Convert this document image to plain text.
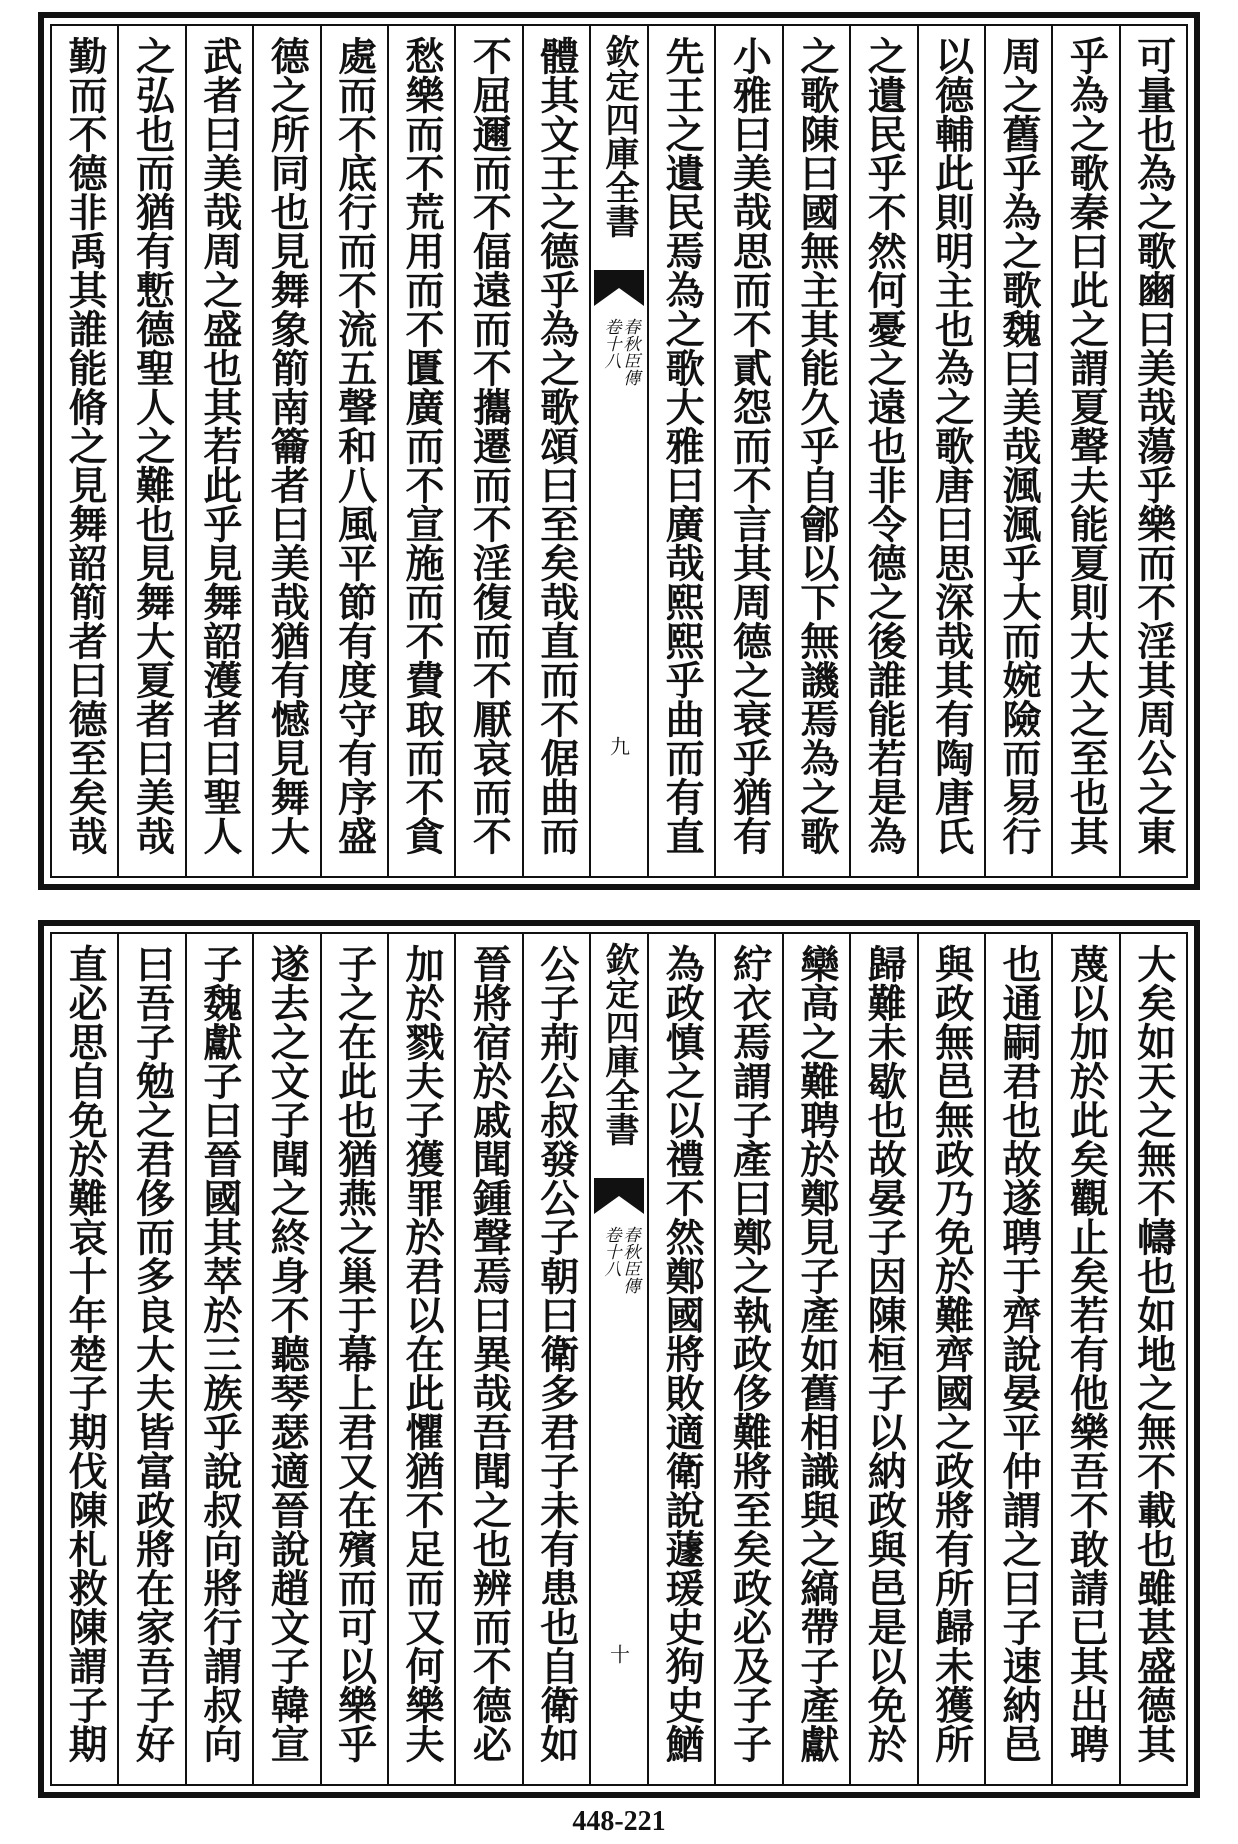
可量也為之歌豳曰美哉蕩乎樂而不淫其周公之東
乎為之歌秦曰此之謂夏聲夫能夏則大大之至也其
周之舊乎為之歌魏曰美哉渢渢乎大而婉險而易行
以德輔此則明主也為之歌唐曰思深哉其有陶唐氏
之遺民乎不然何憂之遠也非令德之後誰能若是為
之歌陳曰國無主其能久乎自鄶以下無譏焉為之歌
小雅曰美哉思而不貳怨而不言其周德之衰乎猶有
先王之遺民焉為之歌大雅曰廣哉熙熙乎曲而有直
欽定四庫全書
春秋臣傳
卷十八
九
體其文王之德乎為之歌頌曰至矣哉直而不倨曲而
不屈邇而不偪遠而不攜遷而不淫復而不厭哀而不
愁樂而不荒用而不匱廣而不宣施而不費取而不貪
處而不底行而不流五聲和八風平節有度守有序盛
德之所同也見舞象箾南籥者曰美哉猶有憾見舞大
武者曰美哉周之盛也其若此乎見舞韶濩者曰聖人
之弘也而猶有慙德聖人之難也見舞大夏者曰美哉
勤而不德非禹其誰能脩之見舞韶箾者曰德至矣哉
大矣如天之無不幬也如地之無不載也雖甚盛德其
蔑以加於此矣觀止矣若有他樂吾不敢請已其出聘
也通嗣君也故遂聘于齊說晏平仲謂之曰子速納邑
與政無邑無政乃免於難齊國之政將有所歸未獲所
歸難未歇也故晏子因陳桓子以納政與邑是以免於
欒高之難聘於鄭見子產如舊相識與之縞帶子產獻
紵衣焉謂子產曰鄭之執政侈難將至矣政必及子子
為政慎之以禮不然鄭國將敗適衛說蘧瑗史狗史鰌
欽定四庫全書
春秋臣傳
卷十八
十
公子荊公叔發公子朝曰衛多君子未有患也自衛如
晉將宿於戚聞鍾聲焉曰異哉吾聞之也辨而不德必
加於戮夫子獲罪於君以在此懼猶不足而又何樂夫
子之在此也猶燕之巢于幕上君又在殯而可以樂乎
遂去之文子聞之終身不聽琴瑟適晉說趙文子韓宣
子魏獻子曰晉國其萃於三族乎說叔向將行謂叔向
曰吾子勉之君侈而多良大夫皆富政將在家吾子好
直必思自免於難哀十年楚子期伐陳札救陳謂子期
448-221
